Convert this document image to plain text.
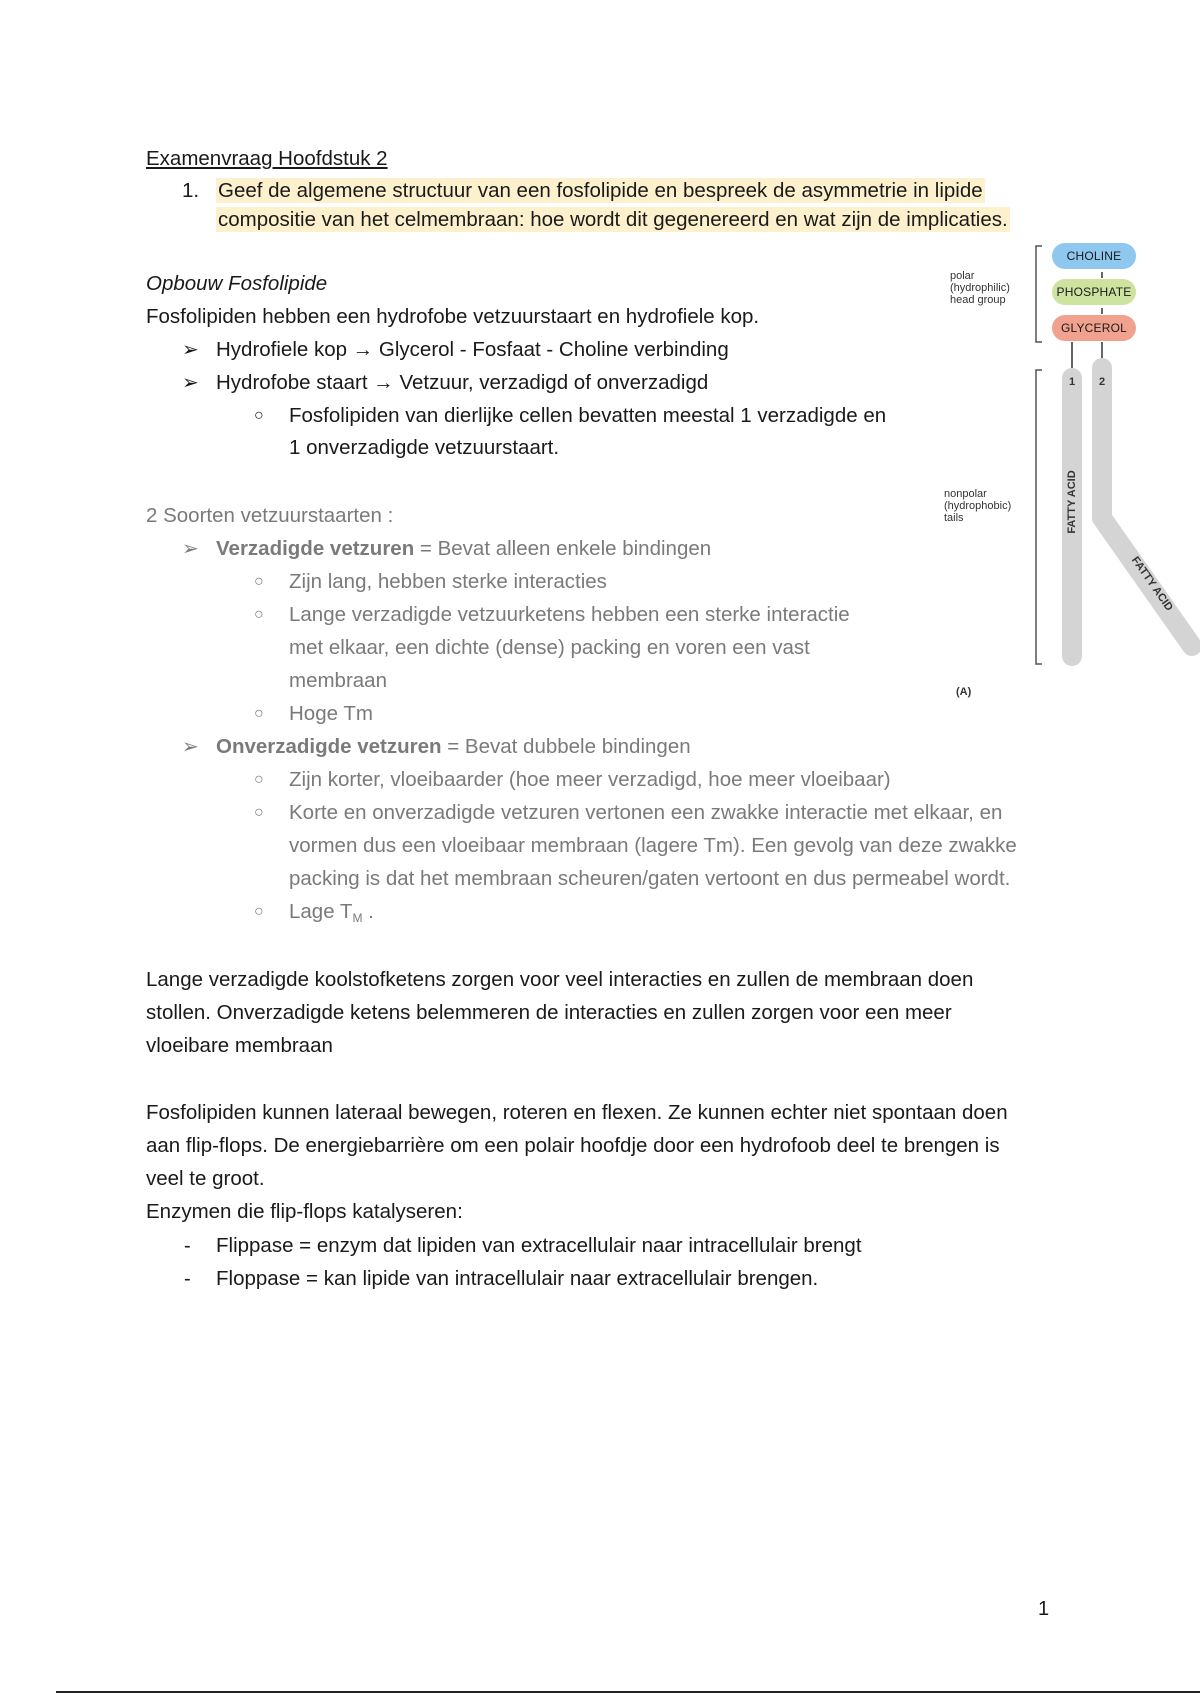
Examenvraag Hoofdstuk 2
1. Geef de algemene structuur van een fosfolipide en bespreek de asymmetrie in lipide
compositie van het celmembraan: hoe wordt dit gegenereerd en wat zijn de implicaties.
Opbouw Fosfolipide
Fosfolipiden hebben een hydrofobe vetzuurstaart en hydrofiele kop.
➢ Hydrofiele kop → Glycerol - Fosfaat - Choline verbinding
➢ Hydrofobe staart → Vetzuur, verzadigd of onverzadigd
○ Fosfolipiden van dierlijke cellen bevatten meestal 1 verzadigde en
1 onverzadigde vetzuurstaart.
2 Soorten vetzuurstaarten :
➢ Verzadigde vetzuren = Bevat alleen enkele bindingen
○ Zijn lang, hebben sterke interacties
○ Lange verzadigde vetzuurketens hebben een sterke interactie
met elkaar, een dichte (dense) packing en voren een vast
membraan
○ Hoge Tm
➢ Onverzadigde vetzuren = Bevat dubbele bindingen
○ Zijn korter, vloeibaarder (hoe meer verzadigd, hoe meer vloeibaar)
○ Korte en onverzadigde vetzuren vertonen een zwakke interactie met elkaar, en
vormen dus een vloeibaar membraan (lagere Tm). Een gevolg van deze zwakke
packing is dat het membraan scheuren/gaten vertoont en dus permeabel wordt.
○ Lage $T_M$ .
Lange verzadigde koolstofketens zorgen voor veel interacties en zullen de membraan doen
stollen. Onverzadigde ketens belemmeren de interacties en zullen zorgen voor een meer
vloeibare membraan
Fosfolipiden kunnen lateraal bewegen, roteren en flexen. Ze kunnen echter niet spontaan doen
aan flip-flops. De energiebarrière om een polair hoofdje door een hydrofoob deel te brengen is
veel te groot.
Enzymen die flip-flops katalyseren:
- Flippase = enzym dat lipiden van extracellulair naar intracellulair brengt
- Floppase = kan lipide van intracellulair naar extracellulair brengen.
CHOLINE
PHOSPHATE
GLYCEROL
polar
(hydrophilic)
head group
nonpolar
(hydrophobic)
tails
1 2
FATTY ACID
FATTY ACID
(A)
1
